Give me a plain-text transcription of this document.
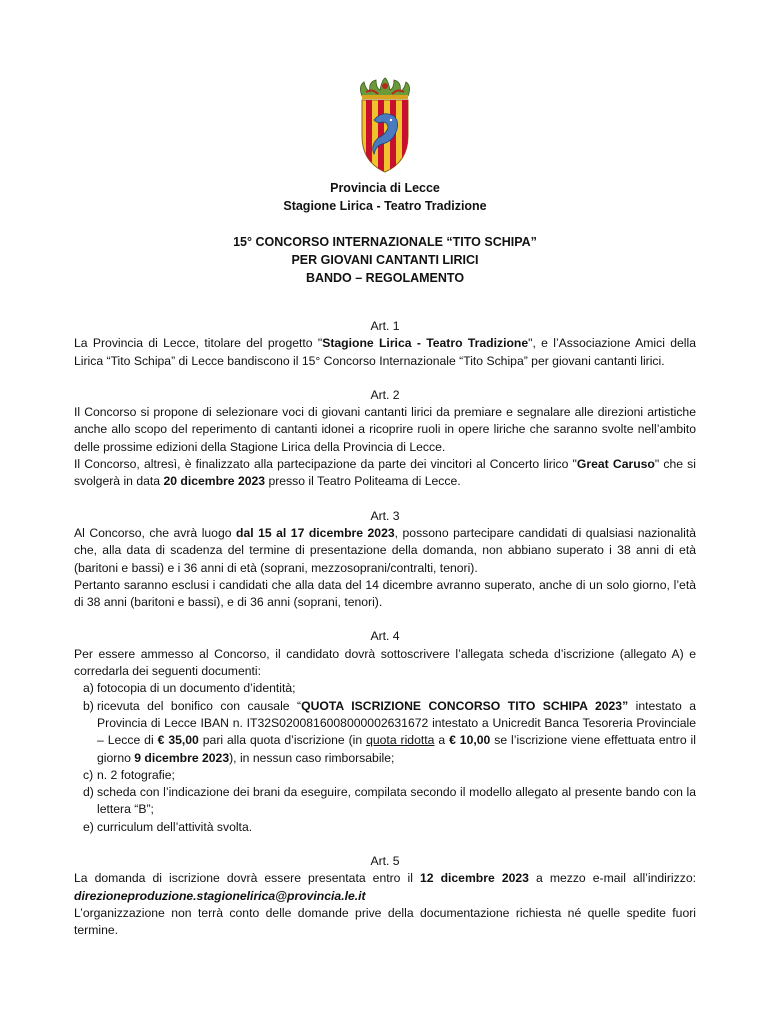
Provincia di Lecce
Stagione Lirica - Teatro Tradizione
15° CONCORSO INTERNAZIONALE “TITO SCHIPA”
PER GIOVANI CANTANTI LIRICI
BANDO – REGOLAMENTO

Art. 1

La Provincia di Lecce, titolare del progetto "Stagione Lirica - Teatro Tradizione", e l’Associazione Amici della Lirica “Tito Schipa” di Lecce bandiscono il 15° Concorso Internazionale “Tito Schipa” per giovani cantanti lirici.

Art. 2

Il Concorso si propone di selezionare voci di giovani cantanti lirici da premiare e segnalare alle direzioni artistiche anche allo scopo del reperimento di cantanti idonei a ricoprire ruoli in opere liriche che saranno svolte nell’ambito delle prossime edizioni della Stagione Lirica della Provincia di Lecce.

Il Concorso, altresì, è finalizzato alla partecipazione da parte dei vincitori al Concerto lirico "Great Caruso" che si svolgerà in data 20 dicembre 2023 presso il Teatro Politeama di Lecce.

Art. 3

Al Concorso, che avrà luogo dal 15 al 17 dicembre 2023, possono partecipare candidati di qualsiasi nazionalità che, alla data di scadenza del termine di presentazione della domanda, non abbiano superato i 38 anni di età (baritoni e bassi) e i 36 anni di età (soprani, mezzosoprani/contralti, tenori).

Pertanto saranno esclusi i candidati che alla data del 14 dicembre avranno superato, anche di un solo giorno, l’età di 38 anni (baritoni e bassi), e di 36 anni (soprani, tenori).

Art. 4

Per essere ammesso al Concorso, il candidato dovrà sottoscrivere l’allegata scheda d’iscrizione (allegato A) e corredarla dei seguenti documenti:

a) fotocopia di un documento d’identità;
b) ricevuta del bonifico con causale “QUOTA ISCRIZIONE CONCORSO TITO SCHIPA 2023” intestato a Provincia di Lecce IBAN n. IT32S0200816008000002631672 intestato a Unicredit Banca Tesoreria Provinciale – Lecce di € 35,00 pari alla quota d’iscrizione (in quota ridotta a € 10,00 se l’iscrizione viene effettuata entro il giorno 9 dicembre 2023), in nessun caso rimborsabile;
c) n. 2 fotografie;
d) scheda con l’indicazione dei brani da eseguire, compilata secondo il modello allegato al presente bando con la lettera “B”;
e) curriculum dell’attività svolta.

Art. 5

La domanda di iscrizione dovrà essere presentata entro il 12 dicembre 2023 a mezzo e-mail all’indirizzo: direzioneproduzione.stagionelirica@provincia.le.it

L’organizzazione non terrà conto delle domande prive della documentazione richiesta né quelle spedite fuori termine.
